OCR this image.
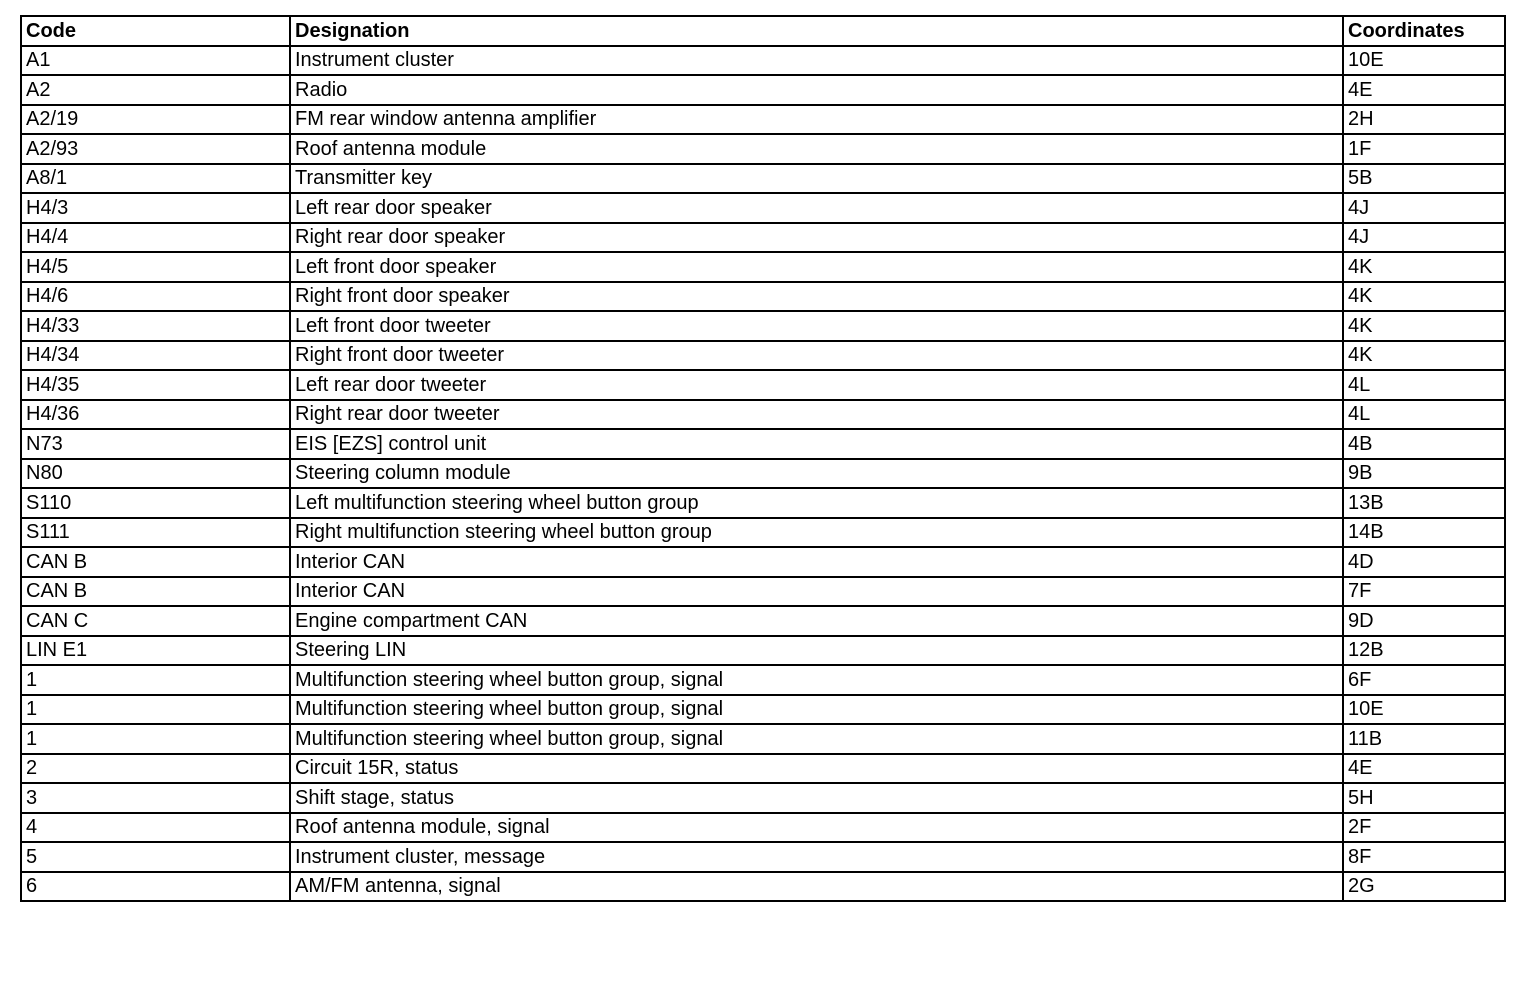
Code	Designation	Coordinates
A1	Instrument cluster	10E
A2	Radio	4E
A2/19	FM rear window antenna amplifier	2H
A2/93	Roof antenna module	1F
A8/1	Transmitter key	5B
H4/3	Left rear door speaker	4J
H4/4	Right rear door speaker	4J
H4/5	Left front door speaker	4K
H4/6	Right front door speaker	4K
H4/33	Left front door tweeter	4K
H4/34	Right front door tweeter	4K
H4/35	Left rear door tweeter	4L
H4/36	Right rear door tweeter	4L
N73	EIS [EZS] control unit	4B
N80	Steering column module	9B
S110	Left multifunction steering wheel button group	13B
S111	Right multifunction steering wheel button group	14B
CAN B	Interior CAN	4D
CAN B	Interior CAN	7F
CAN C	Engine compartment CAN	9D
LIN E1	Steering LIN	12B
1	Multifunction steering wheel button group, signal	6F
1	Multifunction steering wheel button group, signal	10E
1	Multifunction steering wheel button group, signal	11B
2	Circuit 15R, status	4E
3	Shift stage, status	5H
4	Roof antenna module, signal	2F
5	Instrument cluster, message	8F
6	AM/FM antenna, signal	2G
